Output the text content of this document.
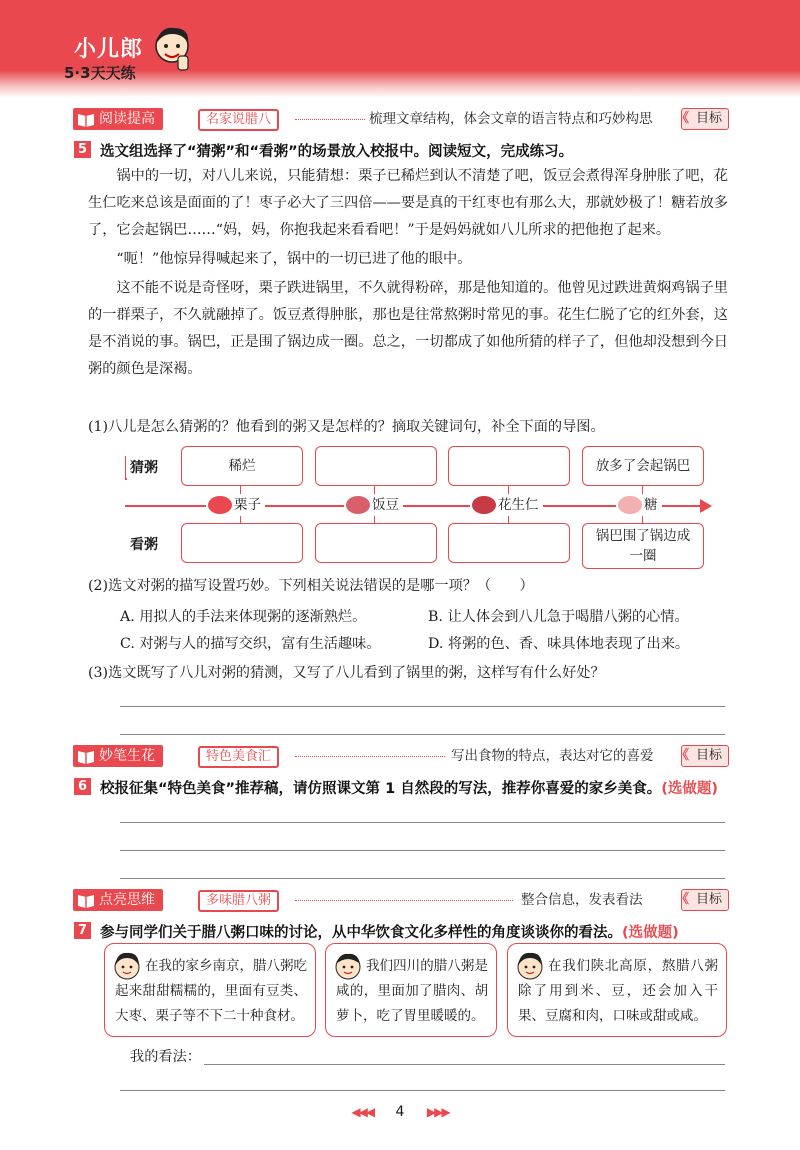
小儿郎
5·3天天练
阅读提高	名家说腊八	梳理文章结构，体会文章的语言特点和巧妙构思	《 目标
5 选文组选择了“猜粥”和“看粥”的场景放入校报中。阅读短文，完成练习。

锅中的一切，对八儿来说，只能猜想：栗子已稀烂到认不清楚了吧，饭豆会煮得浑身肿胀了吧，花生仁吃来总该是面面的了！枣子必大了三四倍——要是真的干红枣也有那么大，那就妙极了！糖若放多了，它会起锅巴……“妈，妈，你抱我起来看看吧！”于是妈妈就如八儿所求的把他抱了起来。

“呃！”他惊异得喊起来了，锅中的一切已进了他的眼中。

这不能不说是奇怪呀，栗子跌进锅里，不久就得粉碎，那是他知道的。他曾见过跌进黄焖鸡锅子里的一群栗子，不久就融掉了。饭豆煮得肿胀，那也是往常熬粥时常见的事。花生仁脱了它的红外套，这是不消说的事。锅巴，正是围了锅边成一圈。总之，一切都成了如他所猜的样子了，但他却没想到今日粥的颜色是深褐。

(1)八儿是怎么猜粥的？他看到的粥又是怎样的？摘取关键词句，补全下面的导图。
猜粥
看粥
稀烂	放多了会起锅巴
栗子	饭豆	花生仁	糖
锅巴围了锅边成一圈
(2)选文对粥的描写设置巧妙。下列相关说法错误的是哪一项？（　　）
A. 用拟人的手法来体现粥的逐渐熟烂。	B. 让人体会到八儿急于喝腊八粥的心情。
C. 对粥与人的描写交织，富有生活趣味。	D. 将粥的色、香、味具体地表现了出来。
(3)选文既写了八儿对粥的猜测，又写了八儿看到了锅里的粥，这样写有什么好处？
妙笔生花	特色美食汇	写出食物的特点，表达对它的喜爱	《 目标
6 校报征集“特色美食”推荐稿，请仿照课文第 1 自然段的写法，推荐你喜爱的家乡美食。(选做题)
点亮思维	多味腊八粥	整合信息，发表看法	《 目标
7 参与同学们关于腊八粥口味的讨论，从中华饮食文化多样性的角度谈谈你的看法。(选做题)
在我的家乡南京，腊八粥吃起来甜甜糯糯的，里面有豆类、大枣、栗子等不下二十种食材。
我们四川的腊八粥是咸的，里面加了腊肉、胡萝卜，吃了胃里暖暖的。
在我们陕北高原，熬腊八粥除了用到米、豆，还会加入干果、豆腐和肉，口味或甜或咸。
我的看法：
◀◀◀ 4 ▶▶▶
